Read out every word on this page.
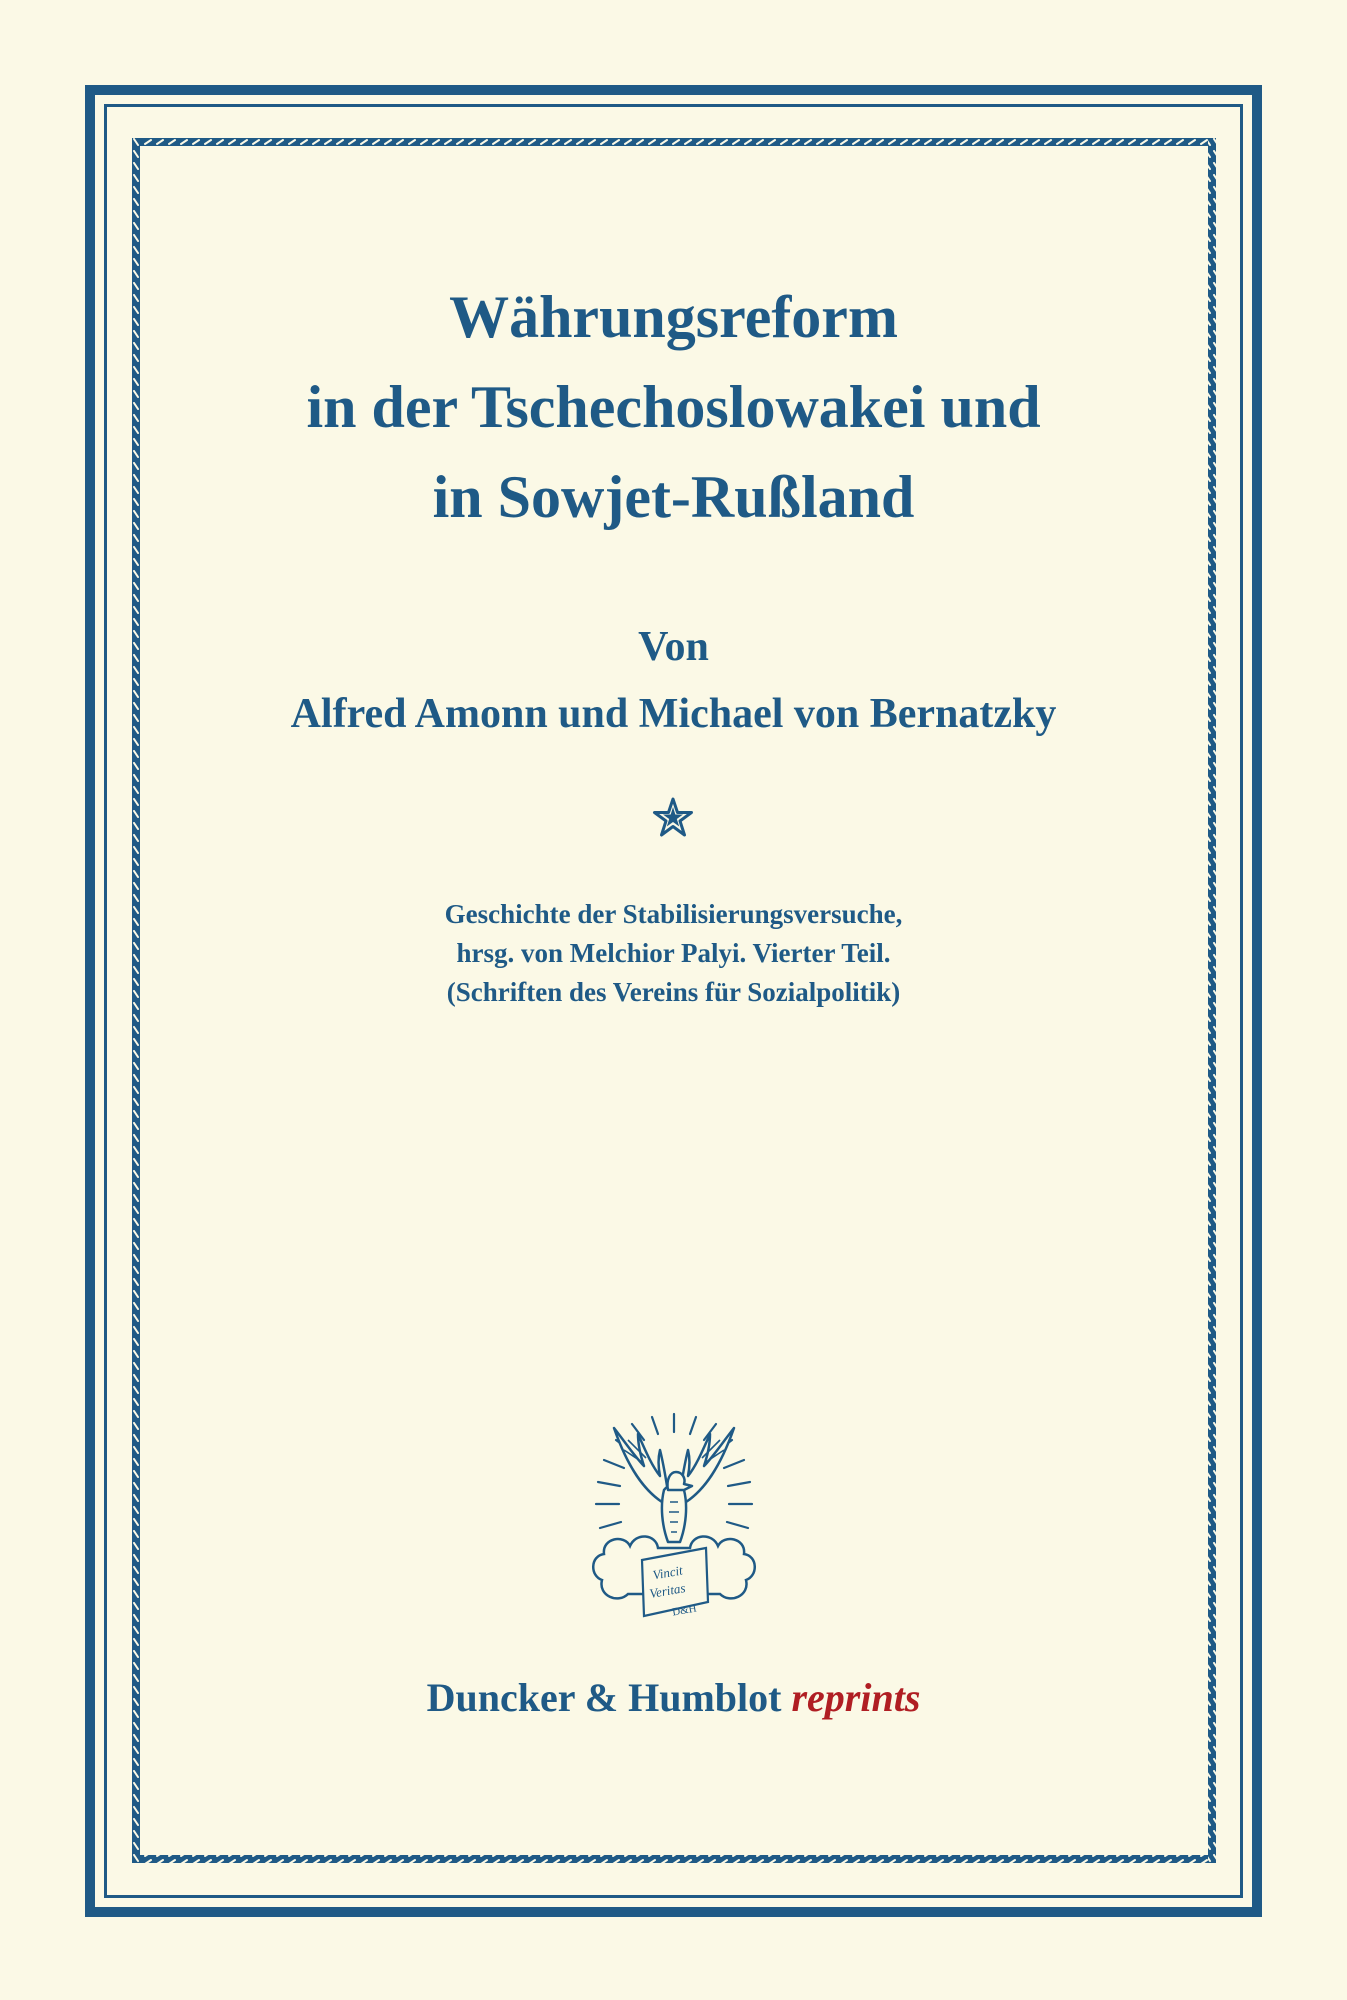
Währungsreform
in der Tschechoslowakei und
in Sowjet-Rußland
Von
Alfred Amonn und Michael von Bernatzky
Geschichte der Stabilisierungsversuche,
hrsg. von Melchior Palyi. Vierter Teil.
(Schriften des Vereins für Sozialpolitik)
Vincit
Veritas
D&H
Duncker & Humblot reprints
